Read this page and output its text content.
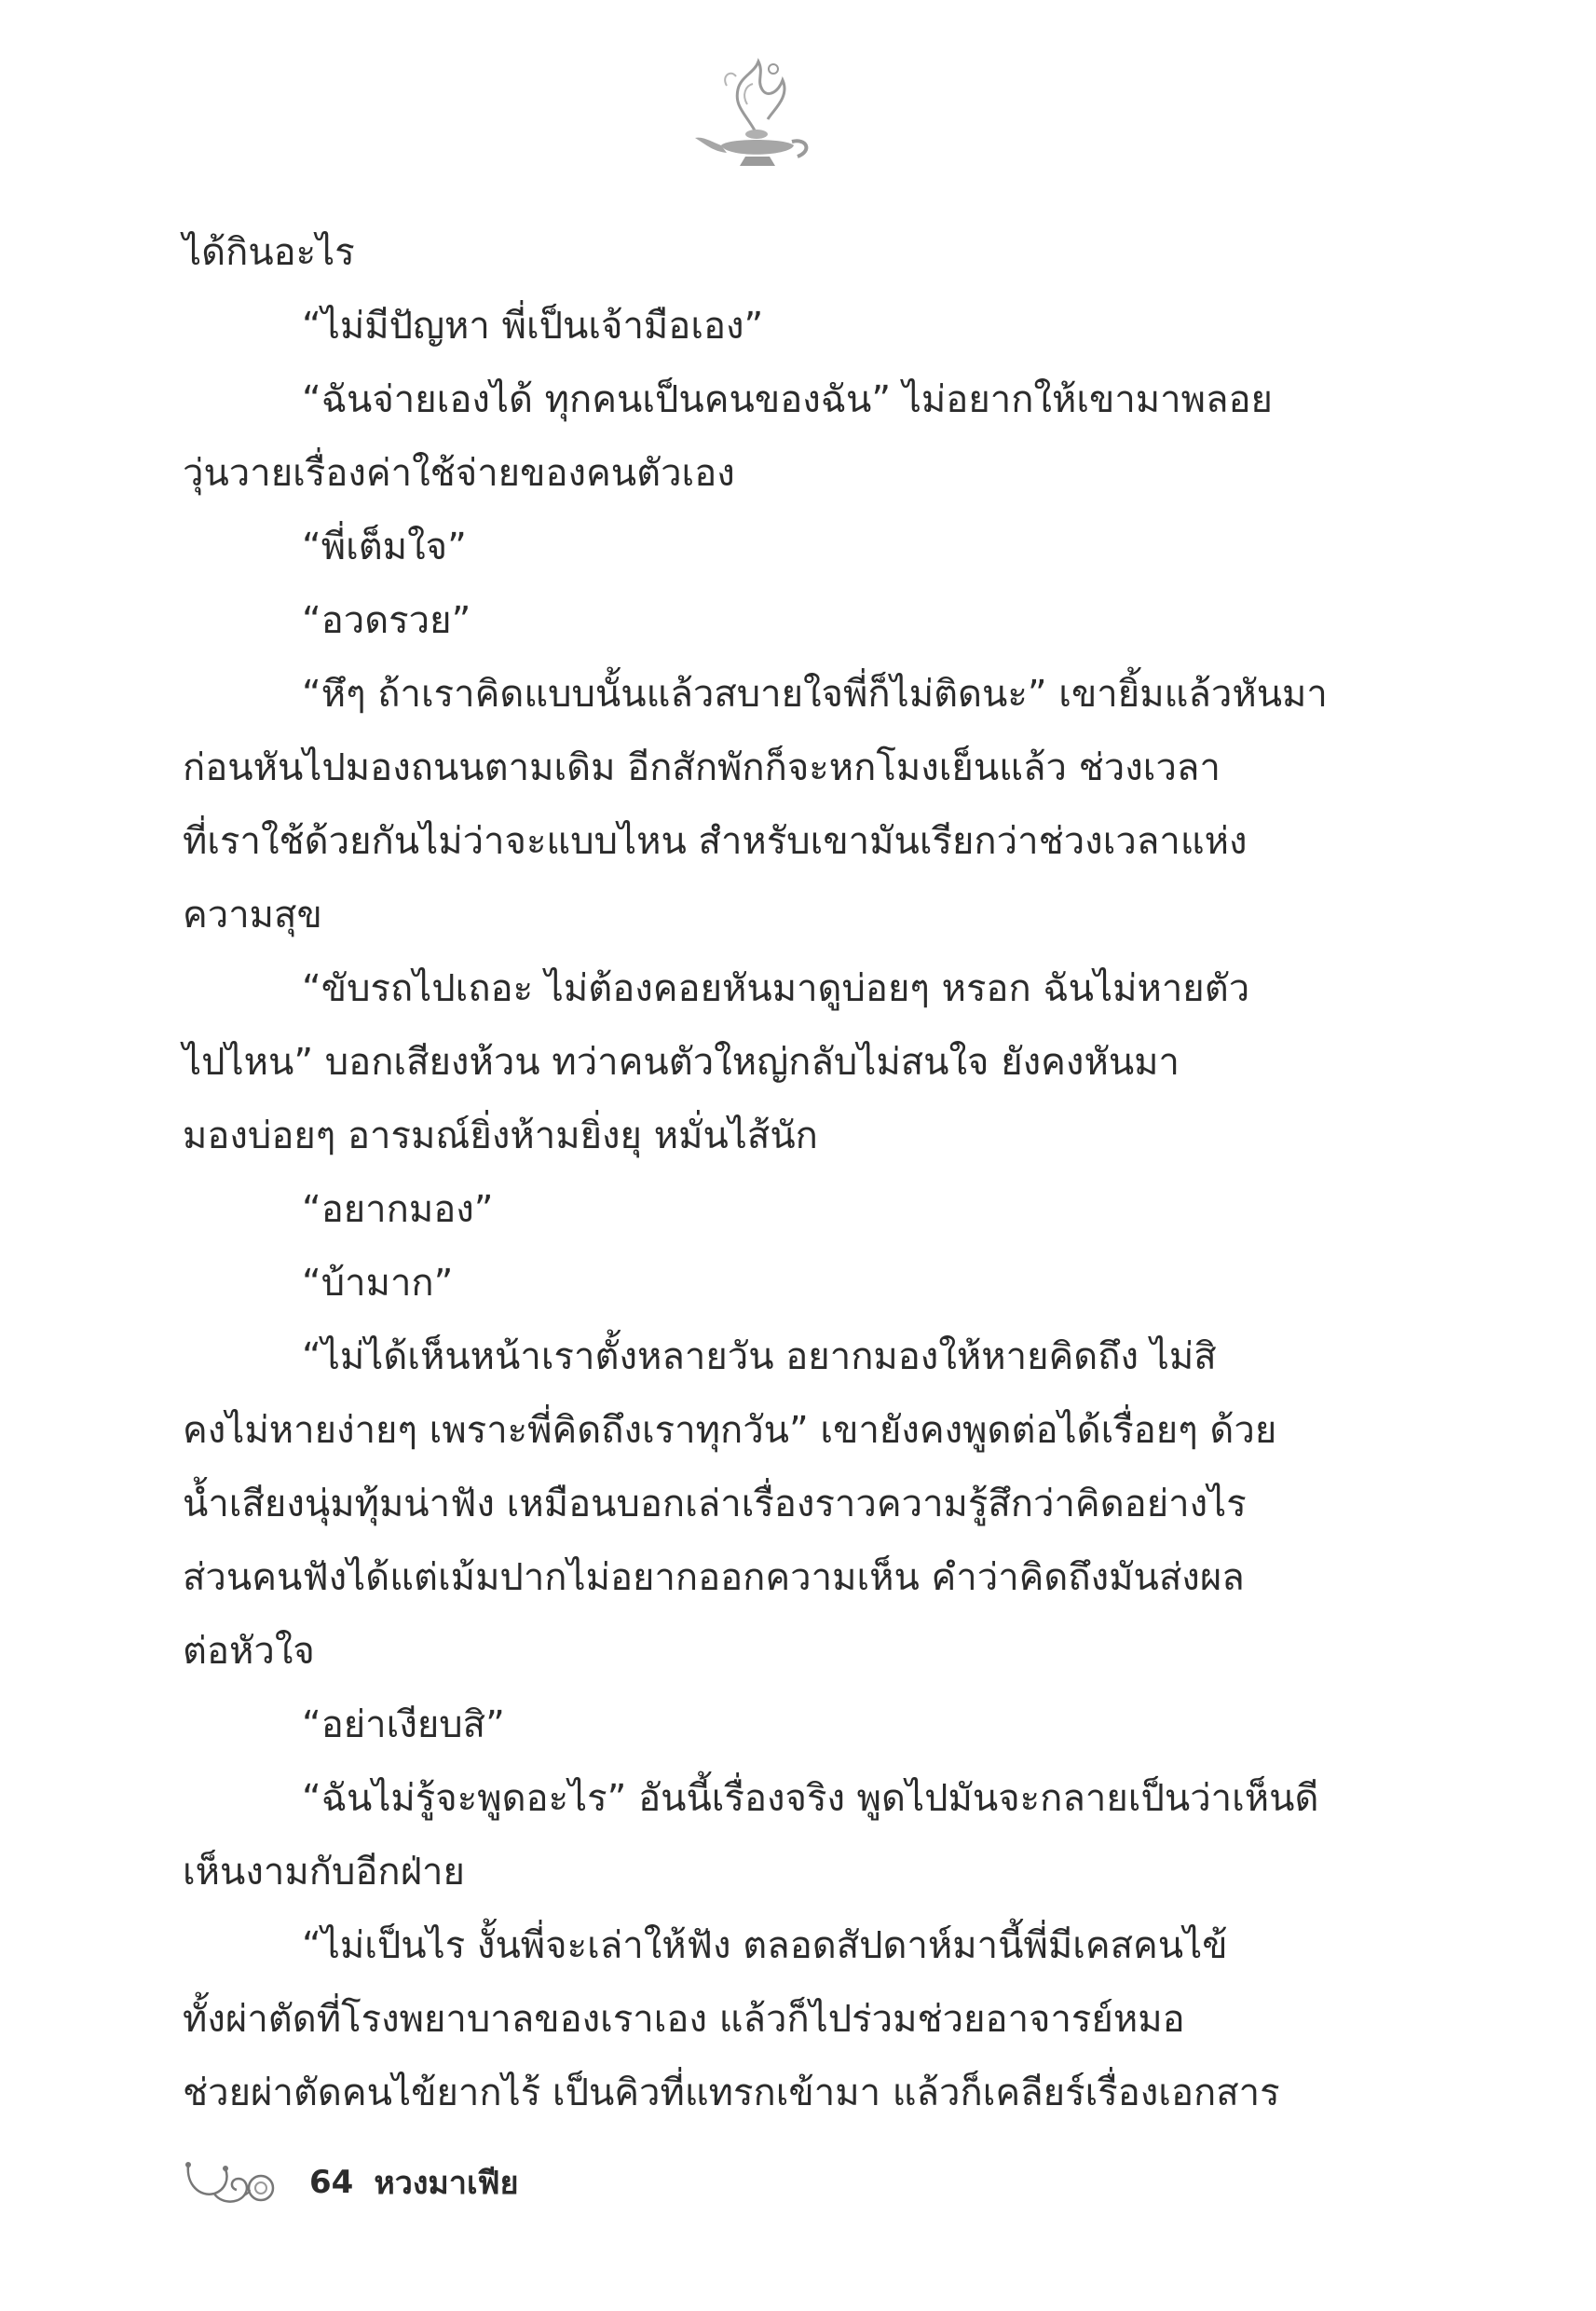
ได้กินอะไร

“ไม่มีปัญหา พี่เป็นเจ้ามือเอง”

“ฉันจ่ายเองได้ ทุกคนเป็นคนของฉัน” ไม่อยากให้เขามาพลอย

วุ่นวายเรื่องค่าใช้จ่ายของคนตัวเอง

“พี่เต็มใจ”

“อวดรวย”

“หึๆ ถ้าเราคิดแบบนั้นแล้วสบายใจพี่ก็ไม่ติดนะ” เขายิ้มแล้วหันมา

ก่อนหันไปมองถนนตามเดิม อีกสักพักก็จะหกโมงเย็นแล้ว ช่วงเวลา

ที่เราใช้ด้วยกันไม่ว่าจะแบบไหน สำหรับเขามันเรียกว่าช่วงเวลาแห่ง

ความสุข

“ขับรถไปเถอะ ไม่ต้องคอยหันมาดูบ่อยๆ หรอก ฉันไม่หายตัว

ไปไหน” บอกเสียงห้วน ทว่าคนตัวใหญ่กลับไม่สนใจ ยังคงหันมา

มองบ่อยๆ อารมณ์ยิ่งห้ามยิ่งยุ หมั่นไส้นัก

“อยากมอง”

“บ้ามาก”

“ไม่ได้เห็นหน้าเราตั้งหลายวัน อยากมองให้หายคิดถึง ไม่สิ

คงไม่หายง่ายๆ เพราะพี่คิดถึงเราทุกวัน” เขายังคงพูดต่อได้เรื่อยๆ ด้วย

น้ำเสียงนุ่มทุ้มน่าฟัง เหมือนบอกเล่าเรื่องราวความรู้สึกว่าคิดอย่างไร

ส่วนคนฟังได้แต่เม้มปากไม่อยากออกความเห็น คำว่าคิดถึงมันส่งผล

ต่อหัวใจ

“อย่าเงียบสิ”

“ฉันไม่รู้จะพูดอะไร” อันนี้เรื่องจริง พูดไปมันจะกลายเป็นว่าเห็นดี

เห็นงามกับอีกฝ่าย

“ไม่เป็นไร งั้นพี่จะเล่าให้ฟัง ตลอดสัปดาห์มานี้พี่มีเคสคนไข้

ทั้งผ่าตัดที่โรงพยาบาลของเราเอง แล้วก็ไปร่วมช่วยอาจารย์หมอ

ช่วยผ่าตัดคนไข้ยากไร้ เป็นคิวที่แทรกเข้ามา แล้วก็เคลียร์เรื่องเอกสาร

64 หวงมาเฟีย
